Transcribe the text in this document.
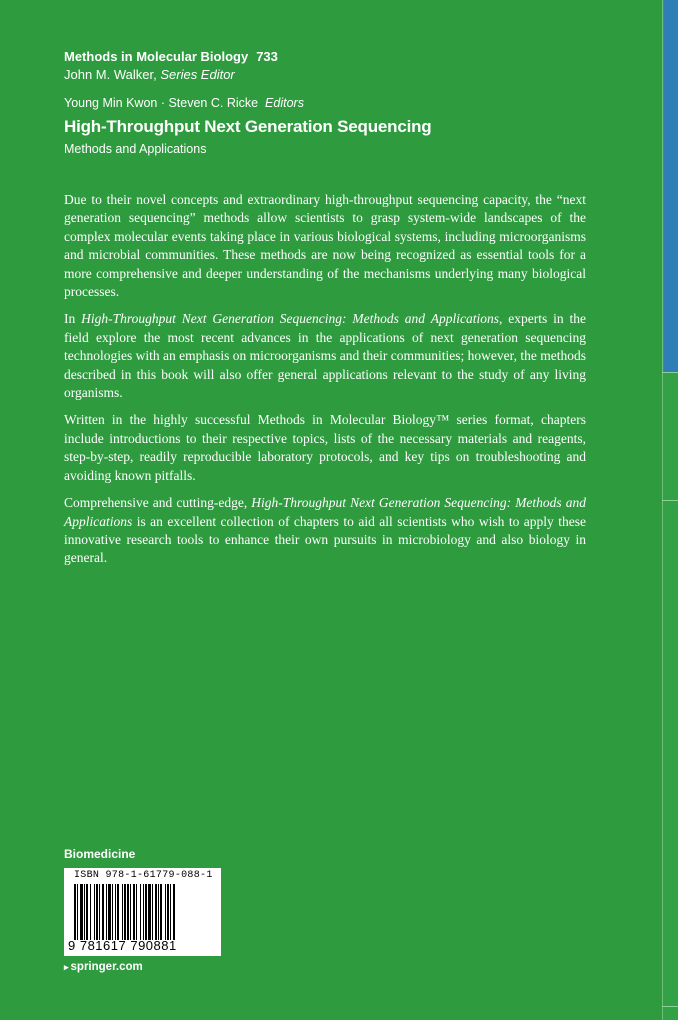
Methods in Molecular Biology 733
John M. Walker, Series Editor
Young Min Kwon · Steven C. Ricke Editors
High-Throughput Next Generation Sequencing
Methods and Applications

Due to their novel concepts and extraordinary high-throughput sequencing capacity, the “next generation sequencing” methods allow scientists to grasp system-wide landscapes of the complex molecular events taking place in various biological systems, including microorganisms and microbial communities. These methods are now being recognized as essential tools for a more comprehensive and deeper understanding of the mechanisms underlying many biological processes.

In High-Throughput Next Generation Sequencing: Methods and Applications, experts in the field explore the most recent advances in the applications of next generation sequencing technologies with an emphasis on microorganisms and their communities; however, the methods described in this book will also offer general applications relevant to the study of any living organisms.

Written in the highly successful Methods in Molecular Biology™ series format, chapters include introductions to their respective topics, lists of the necessary materials and reagents, step-by-step, readily reproducible laboratory protocols, and key tips on troubleshooting and avoiding known pitfalls.

Comprehensive and cutting-edge, High-Throughput Next Generation Sequencing: Methods and Applications is an excellent collection of chapters to aid all scientists who wish to apply these innovative research tools to enhance their own pursuits in microbiology and also biology in general.

Biomedicine
ISBN 978-1-61779-088-1
9 781617 790881
▸ springer.com
